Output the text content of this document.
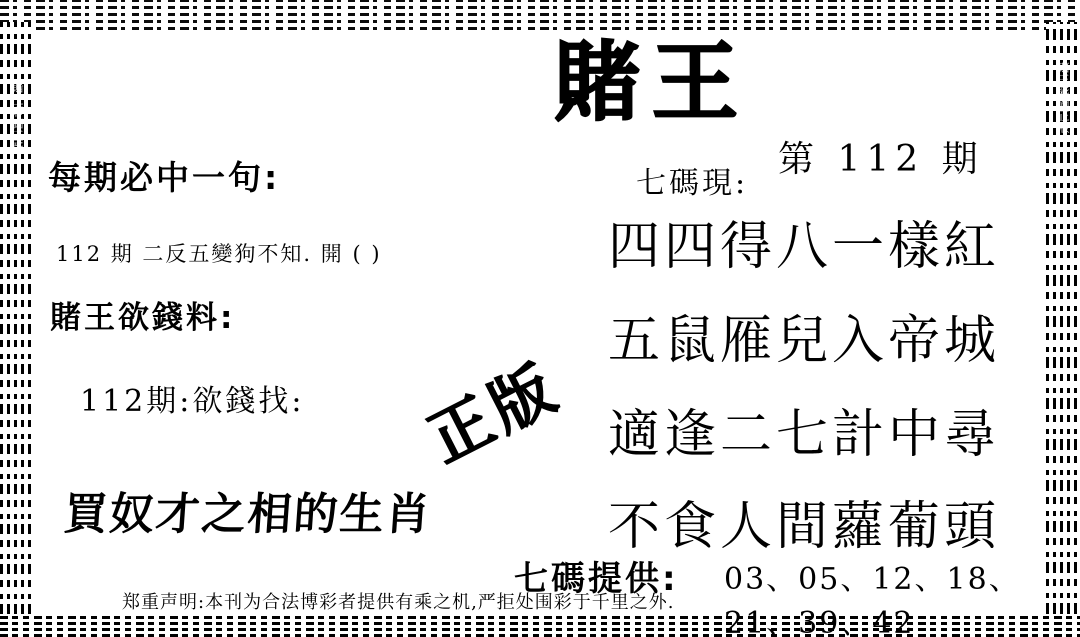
賭王彩圖正版	賭王彩圖正版
賭王
第 112 期
每期必中一句:
112 期 二反五變狗不知. 開 ( )
賭王欲錢料:
112期:欲錢找:
買奴才之相的生肖
正版
七碼現:
四四得八一樣紅
五鼠雁兒入帝城
適逢二七計中尋
不食人間蘿葡頭
七碼提供: 03、05、12、18、21、39、42
郑重声明:本刊为合法博彩者提供有乘之机,严拒处围彩于千里之外.
